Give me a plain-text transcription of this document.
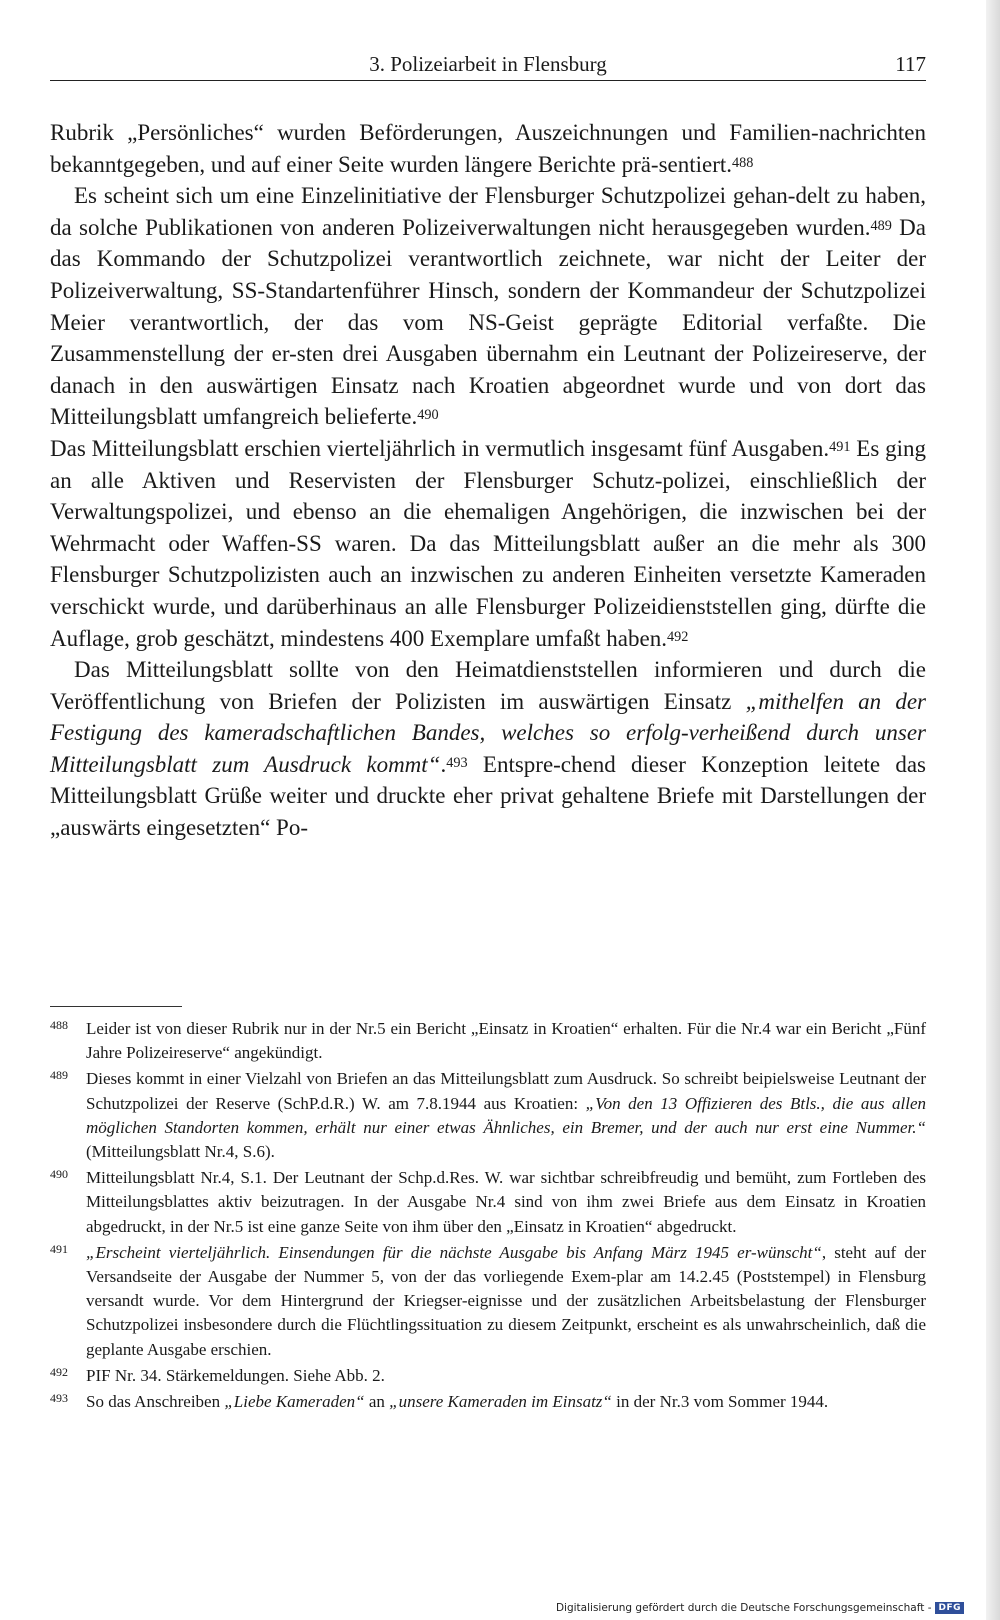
3. Polizeiarbeit in Flensburg	117

Rubrik „Persönliches“ wurden Beförderungen, Auszeichnungen und Familien-nachrichten bekanntgegeben, und auf einer Seite wurden längere Berichte prä-sentiert.$^{488}$

Es scheint sich um eine Einzelinitiative der Flensburger Schutzpolizei gehan-delt zu haben, da solche Publikationen von anderen Polizeiverwaltungen nicht herausgegeben wurden.$^{489}$ Da das Kommando der Schutzpolizei verantwortlich zeichnete, war nicht der Leiter der Polizeiverwaltung, SS-Standartenführer Hinsch, sondern der Kommandeur der Schutzpolizei Meier verantwortlich, der das vom NS-Geist geprägte Editorial verfaßte. Die Zusammenstellung der er-sten drei Ausgaben übernahm ein Leutnant der Polizeireserve, der danach in den auswärtigen Einsatz nach Kroatien abgeordnet wurde und von dort das Mitteilungsblatt umfangreich belieferte.$^{490}$

Das Mitteilungsblatt erschien vierteljährlich in vermutlich insgesamt fünf Ausgaben.$^{491}$ Es ging an alle Aktiven und Reservisten der Flensburger Schutz-polizei, einschließlich der Verwaltungspolizei, und ebenso an die ehemaligen Angehörigen, die inzwischen bei der Wehrmacht oder Waffen-SS waren. Da das Mitteilungsblatt außer an die mehr als 300 Flensburger Schutzpolizisten auch an inzwischen zu anderen Einheiten versetzte Kameraden verschickt wurde, und darüberhinaus an alle Flensburger Polizeidienststellen ging, dürfte die Auflage, grob geschätzt, mindestens 400 Exemplare umfaßt haben.$^{492}$

Das Mitteilungsblatt sollte von den Heimatdienststellen informieren und durch die Veröffentlichung von Briefen der Polizisten im auswärtigen Einsatz „mithelfen an der Festigung des kameradschaftlichen Bandes, welches so erfolg-verheißend durch unser Mitteilungsblatt zum Ausdruck kommt“.$^{493}$ Entspre-chend dieser Konzeption leitete das Mitteilungsblatt Grüße weiter und druckte eher privat gehaltene Briefe mit Darstellungen der „auswärts eingesetzten“ Po-

488 Leider ist von dieser Rubrik nur in der Nr.5 ein Bericht „Einsatz in Kroatien“ erhalten. Für die Nr.4 war ein Bericht „Fünf Jahre Polizeireserve“ angekündigt.
489 Dieses kommt in einer Vielzahl von Briefen an das Mitteilungsblatt zum Ausdruck. So schreibt beipielsweise Leutnant der Schutzpolizei der Reserve (SchP.d.R.) W. am 7.8.1944 aus Kroatien: „Von den 13 Offizieren des Btls., die aus allen möglichen Standorten kommen, erhält nur einer etwas Ähnliches, ein Bremer, und der auch nur erst eine Nummer.“ (Mitteilungsblatt Nr.4, S.6).
490 Mitteilungsblatt Nr.4, S.1. Der Leutnant der Schp.d.Res. W. war sichtbar schreibfreudig und bemüht, zum Fortleben des Mitteilungsblattes aktiv beizutragen. In der Ausgabe Nr.4 sind von ihm zwei Briefe aus dem Einsatz in Kroatien abgedruckt, in der Nr.5 ist eine ganze Seite von ihm über den „Einsatz in Kroatien“ abgedruckt.
491 „Erscheint vierteljährlich. Einsendungen für die nächste Ausgabe bis Anfang März 1945 er-wünscht“, steht auf der Versandseite der Ausgabe der Nummer 5, von der das vorliegende Exem-plar am 14.2.45 (Poststempel) in Flensburg versandt wurde. Vor dem Hintergrund der Kriegser-eignisse und der zusätzlichen Arbeitsbelastung der Flensburger Schutzpolizei insbesondere durch die Flüchtlingssituation zu diesem Zeitpunkt, erscheint es als unwahrscheinlich, daß die geplante Ausgabe erschien.
492 PIF Nr. 34. Stärkemeldungen. Siehe Abb. 2.
493 So das Anschreiben „Liebe Kameraden“ an „unsere Kameraden im Einsatz“ in der Nr.3 vom Sommer 1944.
Digitalisierung gefördert durch die Deutsche Forschungsgemeinschaft - DFG
